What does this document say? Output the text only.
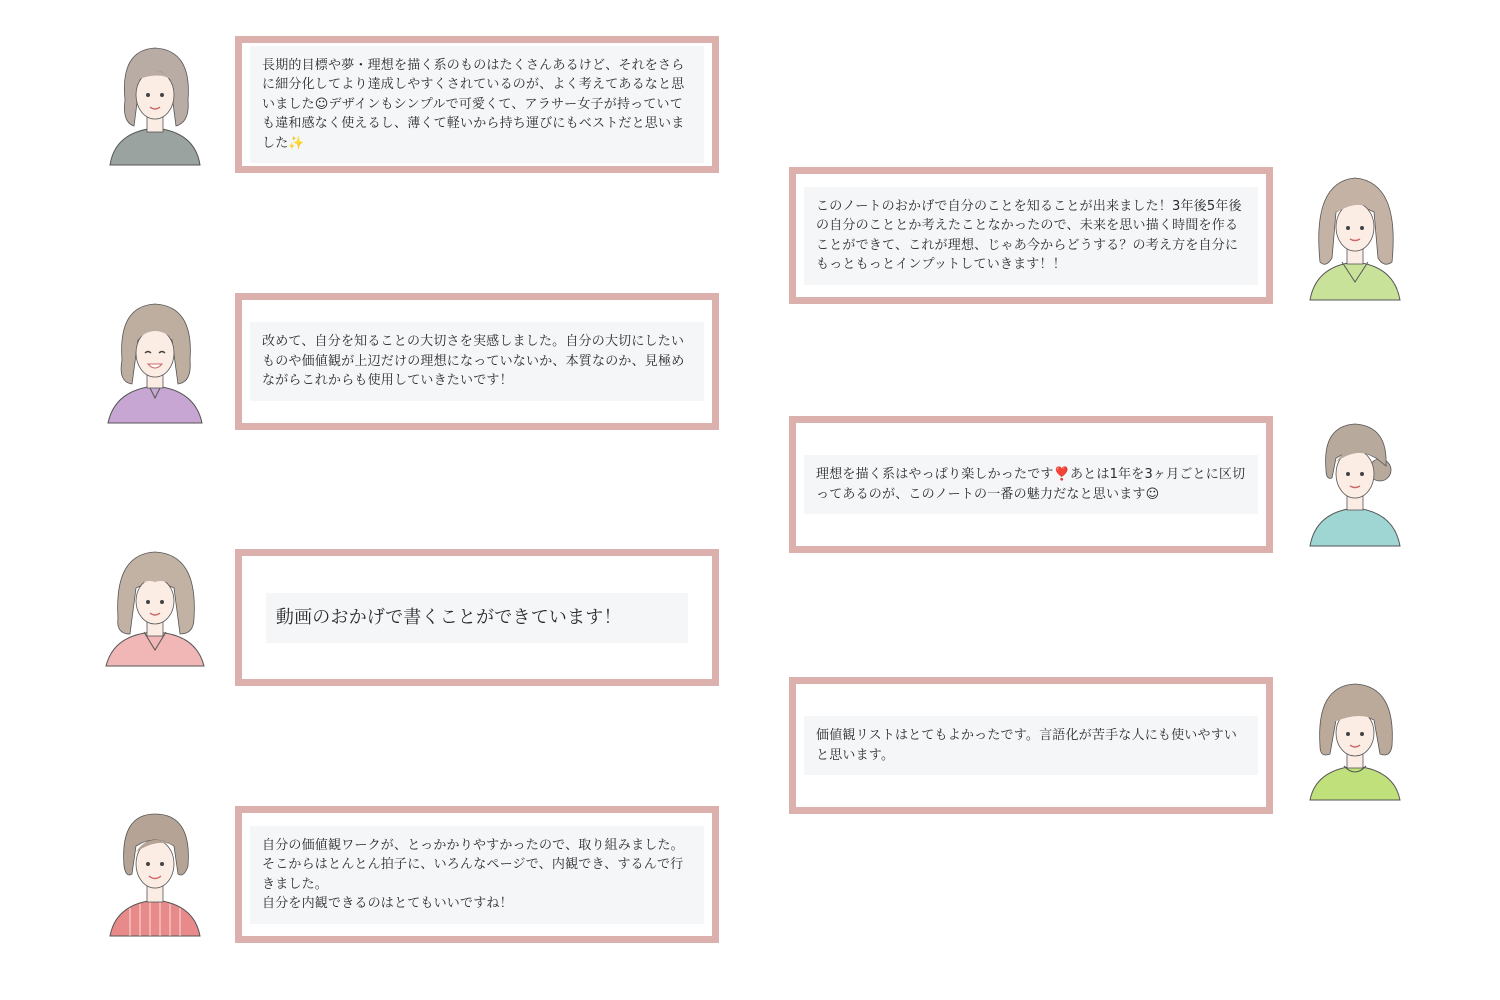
長期的目標や夢・理想を描く系のものはたくさんあるけど、それをさらに細分化してより達成しやすくされているのが、よく考えてあるなと思いました☺︎デザインもシンプルで可愛くて、アラサー女子が持っていても違和感なく使えるし、薄くて軽いから持ち運びにもベストだと思いました✨
改めて、自分を知ることの大切さを実感しました。自分の大切にしたいものや価値観が上辺だけの理想になっていないか、本質なのか、見極めながらこれからも使用していきたいです！
動画のおかげで書くことができています！
自分の価値観ワークが、とっかかりやすかったので、取り組みました。
そこからはとんとん拍子に、いろんなページで、内観でき、するんで行きました。
自分を内観できるのはとてもいいですね！
このノートのおかげで自分のことを知ることが出来ました！3年後5年後の自分のこととか考えたことなかったので、未来を思い描く時間を作ることができて、これが理想、じゃあ今からどうする？の考え方を自分にもっともっとインプットしていきます！！
理想を描く系はやっぱり楽しかったです❣️あとは1年を3ヶ月ごとに区切ってあるのが、このノートの一番の魅力だなと思います☺︎
価値観リストはとてもよかったです。言語化が苦手な人にも使いやすいと思います。
